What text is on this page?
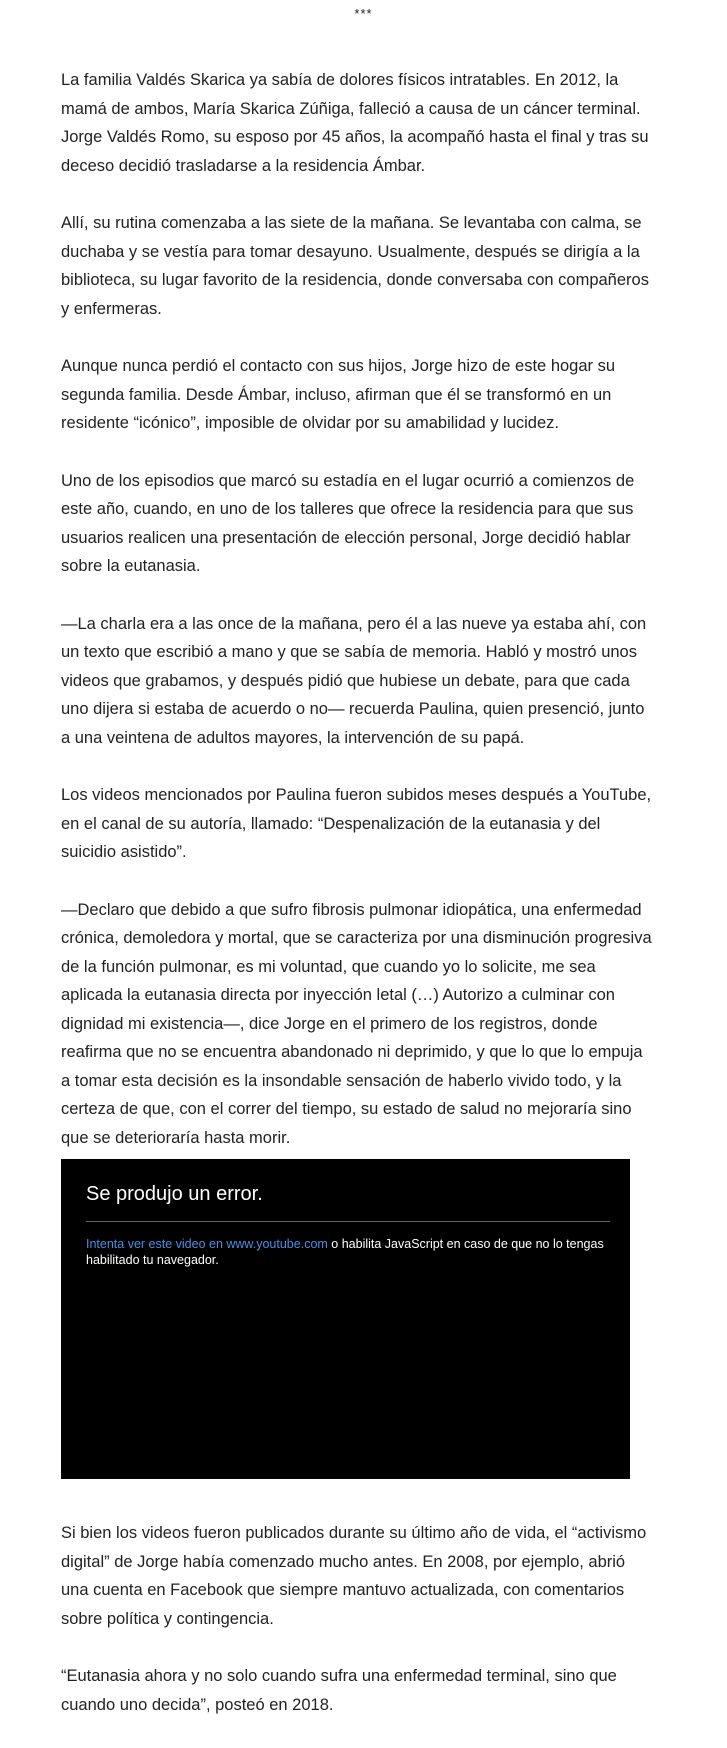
***

La familia Valdés Skarica ya sabía de dolores físicos intratables. En 2012, la mamá de ambos, María Skarica Zúñiga, falleció a causa de un cáncer terminal. Jorge Valdés Romo, su esposo por 45 años, la acompañó hasta el final y tras su deceso decidió trasladarse a la residencia Ámbar.

Allí, su rutina comenzaba a las siete de la mañana. Se levantaba con calma, se duchaba y se vestía para tomar desayuno. Usualmente, después se dirigía a la biblioteca, su lugar favorito de la residencia, donde conversaba con compañeros y enfermeras.

Aunque nunca perdió el contacto con sus hijos, Jorge hizo de este hogar su segunda familia. Desde Ámbar, incluso, afirman que él se transformó en un residente “icónico”, imposible de olvidar por su amabilidad y lucidez.

Uno de los episodios que marcó su estadía en el lugar ocurrió a comienzos de este año, cuando, en uno de los talleres que ofrece la residencia para que sus usuarios realicen una presentación de elección personal, Jorge decidió hablar sobre la eutanasia.

—La charla era a las once de la mañana, pero él a las nueve ya estaba ahí, con un texto que escribió a mano y que se sabía de memoria. Habló y mostró unos videos que grabamos, y después pidió que hubiese un debate, para que cada uno dijera si estaba de acuerdo o no— recuerda Paulina, quien presenció, junto a una veintena de adultos mayores, la intervención de su papá.

Los videos mencionados por Paulina fueron subidos meses después a YouTube, en el canal de su autoría, llamado: “Despenalización de la eutanasia y del suicidio asistido”.

—Declaro que debido a que sufro fibrosis pulmonar idiopática, una enfermedad crónica, demoledora y mortal, que se caracteriza por una disminución progresiva de la función pulmonar, es mi voluntad, que cuando yo lo solicite, me sea aplicada la eutanasia directa por inyección letal (…) Autorizo a culminar con dignidad mi existencia—, dice Jorge en el primero de los registros, donde reafirma que no se encuentra abandonado ni deprimido, y que lo que lo empuja a tomar esta decisión es la insondable sensación de haberlo vivido todo, y la certeza de que, con el correr del tiempo, su estado de salud no mejoraría sino que se deterioraría hasta morir.

Se produjo un error.
Intenta ver este video en www.youtube.com o habilita JavaScript en caso de que no lo tengas habilitado tu navegador.

Si bien los videos fueron publicados durante su último año de vida, el “activismo digital” de Jorge había comenzado mucho antes. En 2008, por ejemplo, abrió una cuenta en Facebook que siempre mantuvo actualizada, con comentarios sobre política y contingencia.

“Eutanasia ahora y no solo cuando sufra una enfermedad terminal, sino que cuando uno decida”, posteó en 2018.
